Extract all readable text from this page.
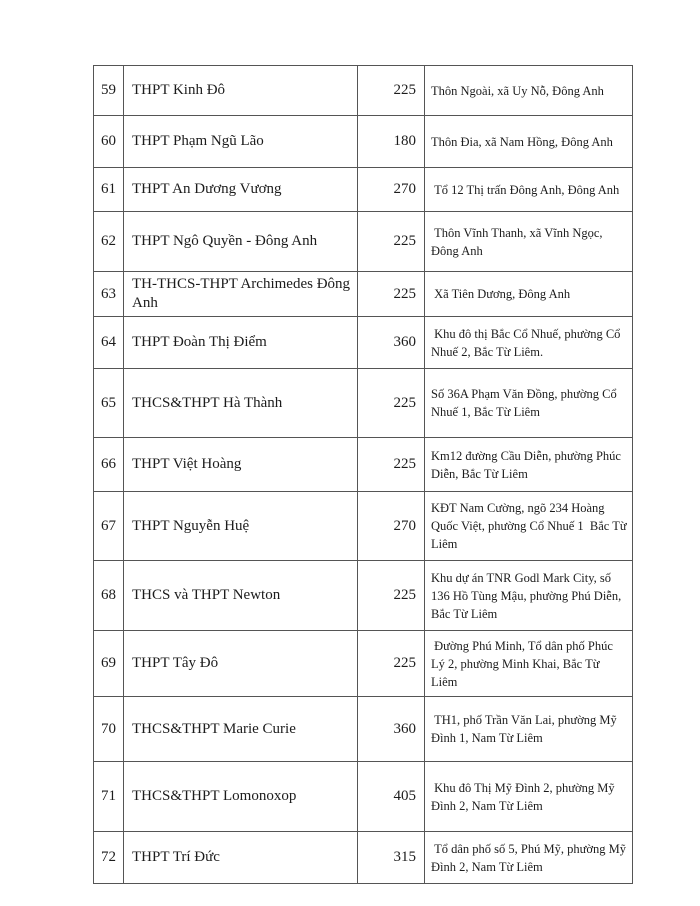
59	THPT Kinh Đô	225	Thôn Ngoài, xã Uy Nỗ, Đông Anh
60	THPT Phạm Ngũ Lão	180	Thôn Đia, xã Nam Hồng, Đông Anh
61	THPT An Dương Vương	270	Tổ 12 Thị trấn Đông Anh, Đông Anh
62	THPT Ngô Quyền - Đông Anh	225	Thôn Vĩnh Thanh, xã Vĩnh Ngọc, Đông Anh
63	TH-THCS-THPT Archimedes Đông Anh	225	Xã Tiên Dương, Đông Anh
64	THPT Đoàn Thị Điểm	360	Khu đô thị Bắc Cổ Nhuế, phường Cổ Nhuế 2, Bắc Từ Liêm.
65	THCS&THPT Hà Thành	225	Số 36A Phạm Văn Đồng, phường Cổ Nhuế 1, Bắc Từ Liêm
66	THPT Việt Hoàng	225	Km12 đường Cầu Diễn, phường Phúc Diễn, Bắc Từ Liêm
67	THPT Nguyễn Huệ	270	KĐT Nam Cường, ngõ 234 Hoàng Quốc Việt, phường Cổ Nhuế 1  Bắc Từ Liêm
68	THCS và THPT Newton	225	Khu dự án TNR Godl Mark City, số 136 Hồ Tùng Mậu, phường Phú Diễn, Bắc Từ Liêm
69	THPT Tây Đô	225	Đường Phú Minh, Tổ dân phố Phúc Lý 2, phường Minh Khai, Bắc Từ Liêm
70	THCS&THPT Marie Curie	360	TH1, phố Trần Văn Lai, phường Mỹ Đình 1, Nam Từ Liêm
71	THCS&THPT Lomonoxop	405	Khu đô Thị Mỹ Đình 2, phường Mỹ Đình 2, Nam Từ Liêm
72	THPT Trí Đức	315	Tổ dân phố số 5, Phú Mỹ, phường Mỹ Đình 2, Nam Từ Liêm
